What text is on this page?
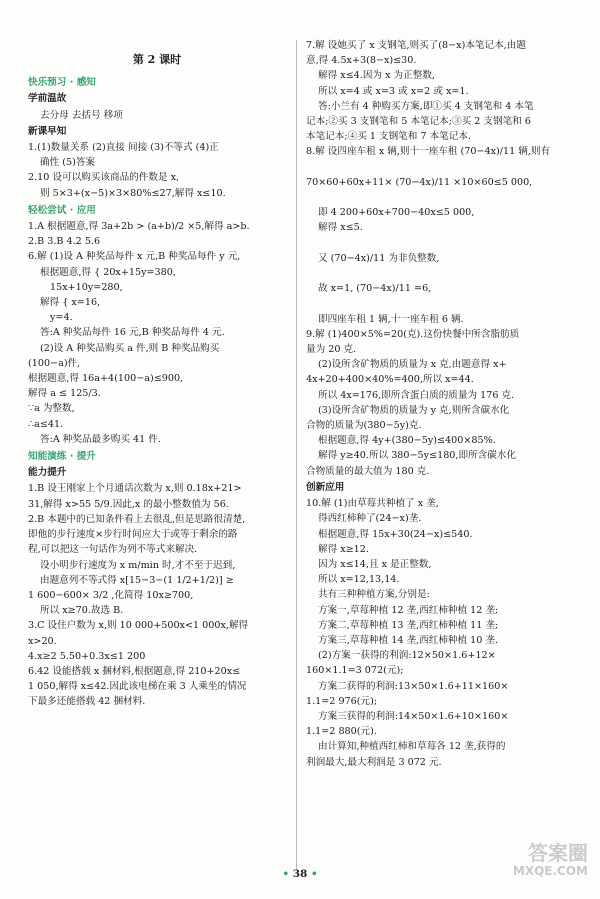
第 2 课时
快乐预习 · 感知
学前温故
去分母 去括号 移项
新课早知
1.(1)数量关系 (2)直接 间接 (3)不等式 (4)正
确性 (5)答案
2.10 设可以购买该商品的件数是 x,
则 5×3+(x−5)×3×80%≤27,解得 x≤10.
轻松尝试 · 应用
1.A 根据题意,得 3a+2b > (a+b)/2 ×5,解得 a>b.
2.B 3.B 4.2 5.6
6.解 (1)设 A 种奖品每件 x 元,B 种奖品每件 y 元,
根据题意,得 { 20x+15y=380,
15x+10y=280,
解得 { x=16,
y=4.
答:A 种奖品每件 16 元,B 种奖品每件 4 元.
(2)设 A 种奖品购买 a 件,则 B 种奖品购买
(100−a)件,
根据题意,得 16a+4(100−a)≤900,
解得 a ≤ 125/3.
∵a 为整数,
∴a≤41.
答:A 种奖品最多购买 41 件.
知能演练 · 提升
能力提升
1.B 设王刚家上个月通话次数为 x,则 0.18x+21>
31,解得 x>55 5/9.因此,x 的最小整数值为 56.
2.B 本题中的已知条件看上去很乱,但是思路很清楚,
即他的步行速度×步行时间应大于或等于剩余的路
程,可以把这一句话作为列不等式来解决.
设小明步行速度为 x m/min 时,才不至于迟到,
由题意列不等式得 x[15−3−(1 1/2+1/2)] ≥
1 600−600× 3/2 ,化简得 10x≥700,
所以 x≥70.故选 B.
3.C 设住户数为 x,则 10 000+500x<1 000x,解得
x>20.
4.x≥2 5.50+0.3x≤1 200
6.42 设能搭载 x 捆材料,根据题意,得 210+20x≤
1 050,解得 x≤42.因此该电梯在乘 3 人乘坐的情况
下最多还能搭载 42 捆材料.
7.解 设她买了 x 支钢笔,则买了(8−x)本笔记本,由题
意,得 4.5x+3(8−x)≤30.
解得 x≤4.因为 x 为正整数,
所以 x=4 或 x=3 或 x=2 或 x=1.
答:小兰有 4 种购买方案,即①买 4 支钢笔和 4 本笔
记本;②买 3 支钢笔和 5 本笔记本;③买 2 支钢笔和 6
本笔记本;④买 1 支钢笔和 7 本笔记本.
8.解 设四座车租 x 辆,则十一座车租 (70−4x)/11 辆,则有

70×60+60x+11× (70−4x)/11 ×10×60≤5 000,

即 4 200+60x+700−40x≤5 000,
解得 x≤5.

又 (70−4x)/11 为非负整数,

故 x=1, (70−4x)/11 =6,

即四座车租 1 辆,十一座车租 6 辆.
9.解 (1)400×5%=20(克).这份快餐中所含脂肪质
量为 20 克.
(2)设所含矿物质的质量为 x 克,由题意得 x+
4x+20+400×40%=400,所以 x=44.
所以 4x=176,即所含蛋白质的质量为 176 克.
(3)设所含矿物质的质量为 y 克,则所含碳水化
合物的质量为(380−5y)克.
根据题意,得 4y+(380−5y)≤400×85%.
解得 y≥40.所以 380−5y≤180,即所含碳水化
合物质量的最大值为 180 克.
创新应用
10.解 (1)由草莓共种植了 x 垄,
得西红柿种了(24−x)垄.
根据题意,得 15x+30(24−x)≤540.
解得 x≥12.
因为 x≤14,且 x 是正整数,
所以 x=12,13,14.
共有三种种植方案,分别是:
方案一,草莓种植 12 垄,西红柿种植 12 垄;
方案二,草莓种植 13 垄,西红柿种植 11 垄;
方案三,草莓种植 14 垄,西红柿种植 10 垄.
(2)方案一获得的利润:12×50×1.6+12×
160×1.1=3 072(元);
方案二获得的利润:13×50×1.6+11×160×
1.1=2 976(元);
方案三获得的利润:14×50×1.6+10×160×
1.1=2 880(元).
由计算知,种植西红柿和草莓各 12 垄,获得的
利润最大,最大利润是 3 072 元.
• 38 •
答案圈
MXQE.COM
